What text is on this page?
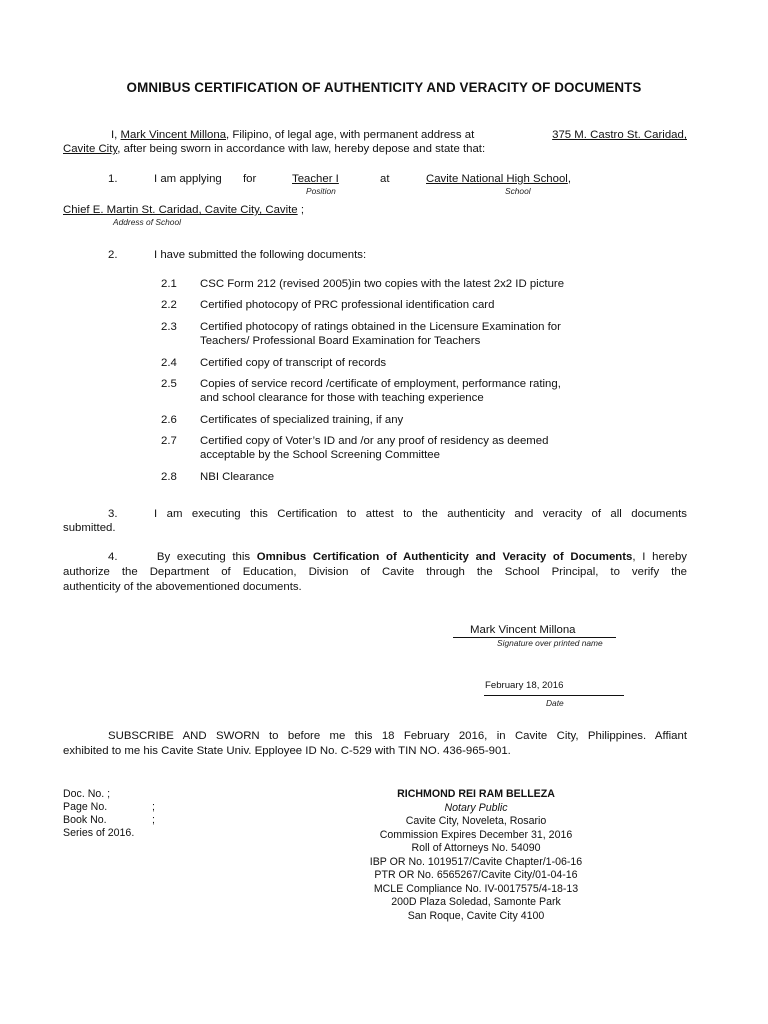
OMNIBUS CERTIFICATION OF AUTHENTICITY AND VERACITY OF DOCUMENTS
I, Mark Vincent Millona, Filipino, of legal age, with permanent address at	375 M. Castro St. Caridad,
Cavite City, after being sworn in accordance with law, hereby depose and state that:
1.	I am applying for	Teacher I
Position
at	Cavite National High School,
School
Chief E. Martin St. Caridad, Cavite City, Cavite ;
Address of School
2.	I have submitted the following documents:
2.1 CSC Form 212 (revised 2005)in two copies with the latest 2x2 ID picture
2.2 Certified photocopy of PRC professional identification card
2.3 Certified photocopy of ratings obtained in the Licensure Examination for
Teachers/ Professional Board Examination for Teachers
2.4 Certified copy of transcript of records
2.5 Copies of service record /certificate of employment, performance rating,
and school clearance for those with teaching experience
2.6 Certificates of specialized training, if any
2.7 Certified copy of Voter’s ID and /or any proof of residency as deemed
acceptable by the School Screening Committee
2.8 NBI Clearance
3.	I am executing this Certification to attest to the authenticity and veracity of all documents
submitted.
4.	By executing this Omnibus Certification of Authenticity and Veracity of Documents, I hereby
authorize the Department of Education, Division of Cavite through the School Principal, to verify the
authenticity of the abovementioned documents.
Mark Vincent Millona
Signature over printed name
February 18, 2016
Date
SUBSCRIBE AND SWORN to before me this 18 February 2016, in Cavite City, Philippines. Affiant
exhibited to me his Cavite State Univ. Epployee ID No. C-529 with TIN NO. 436-965-901.
Doc. No. ;
Page No.	;
Book No.	;
Series of 2016.
RICHMOND REI RAM BELLEZA
Notary Public
Cavite City, Noveleta, Rosario
Commission Expires December 31, 2016
Roll of Attorneys No. 54090
IBP OR No. 1019517/Cavite Chapter/1-06-16
PTR OR No. 6565267/Cavite City/01-04-16
MCLE Compliance No. IV-0017575/4-18-13
200D Plaza Soledad, Samonte Park
San Roque, Cavite City 4100
